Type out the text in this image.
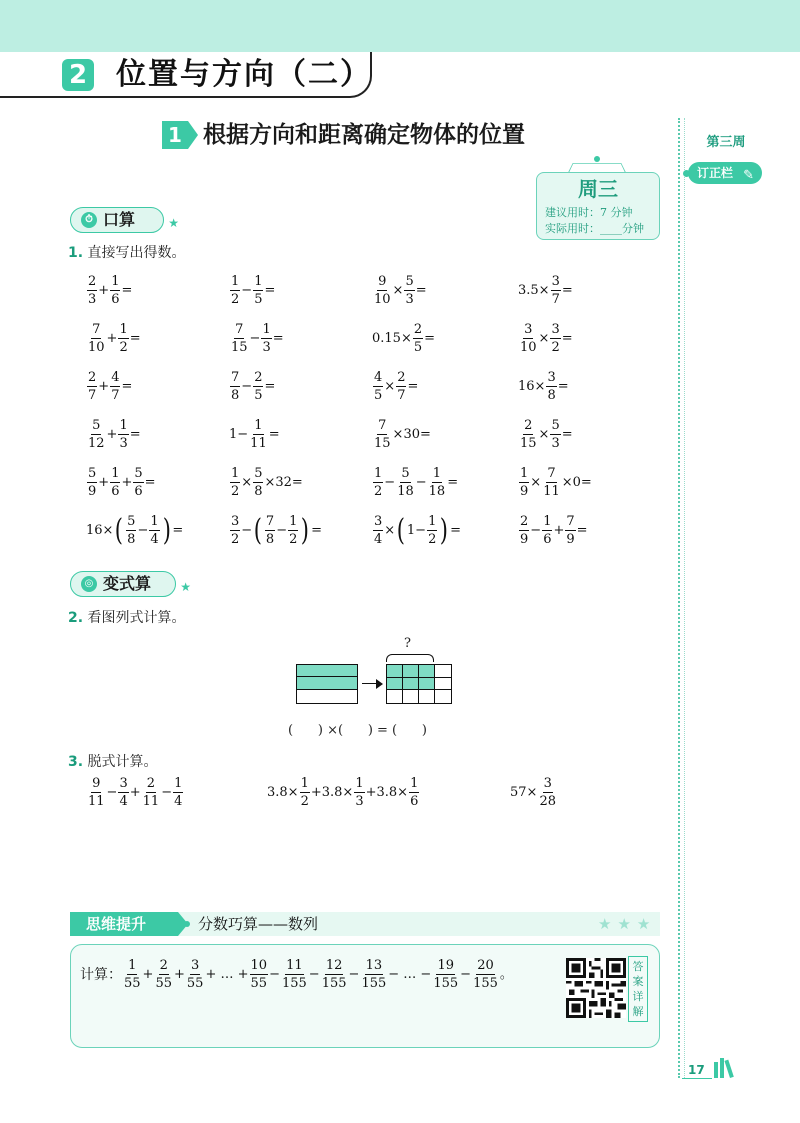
2 位置与方向（二）
第三周
订正栏 ✎
1 根据方向和距离确定物体的位置
周三
建议用时：7 分钟
实际用时：____分钟
⏱ 口算	★
1. 直接写出得数。
$\frac{2}{3} + \frac{1}{6}$ =	$\frac{1}{2} - \frac{1}{5}$ =	$\frac{9}{10} \times \frac{5}{3}$ =	$3.5\times \frac{3}{7}$ =
$\frac{7}{10} + \frac{1}{2}$ =	$\frac{7}{15} - \frac{1}{3}$ =	$0.15\times \frac{2}{5}$ =	$\frac{3}{10} \times \frac{3}{2}$ =
$\frac{2}{7} + \frac{4}{7}$ =	$\frac{7}{8} - \frac{2}{5}$ =	$\frac{4}{5} \times \frac{2}{7}$ =	$16\times \frac{3}{8}$ =
$\frac{5}{12} + \frac{1}{3}$ =	$1- \frac{1}{11}$ =	$\frac{7}{15} \times 30=$	$\frac{2}{15} \times \frac{5}{3}$ =
$\frac{5}{9} + \frac{1}{6} + \frac{5}{6}$ =	$\frac{1}{2} \times \frac{5}{8} \times 32=$	$\frac{1}{2} - \frac{5}{18} - \frac{1}{18}$ =	$\frac{1}{9} \times \frac{7}{11} \times 0=$
16× ( $\frac{5}{8} - \frac{1}{4}$ ) =	$\frac{3}{2}$ − ( $\frac{7}{8} - \frac{1}{2}$ ) =	$\frac{3}{4}$ × ( $1- \frac{1}{2}$ ) =	$\frac{2}{9} - \frac{1}{6} + \frac{7}{9}$ =
◎ 变式算 ★
2. 看图列式计算。
?
(      ) ×(      ) = (      )
3. 脱式计算。
$\frac{9}{11} - \frac{3}{4} + \frac{2}{11} - \frac{1}{4}$	$3.8\times \frac{1}{2} +3.8\times \frac{1}{3} +3.8\times \frac{1}{6}$	$57\times \frac{3}{28}$
思维提升	分数巧算——数列	★★★
计算： $\frac{1}{55} + \frac{2}{55} + \frac{3}{55}$ + … + $\frac{10}{55} - \frac{11}{155} - \frac{12}{155} - \frac{13}{155}$ − … − $\frac{19}{155} - \frac{20}{155}$ 。	答案详解
17
